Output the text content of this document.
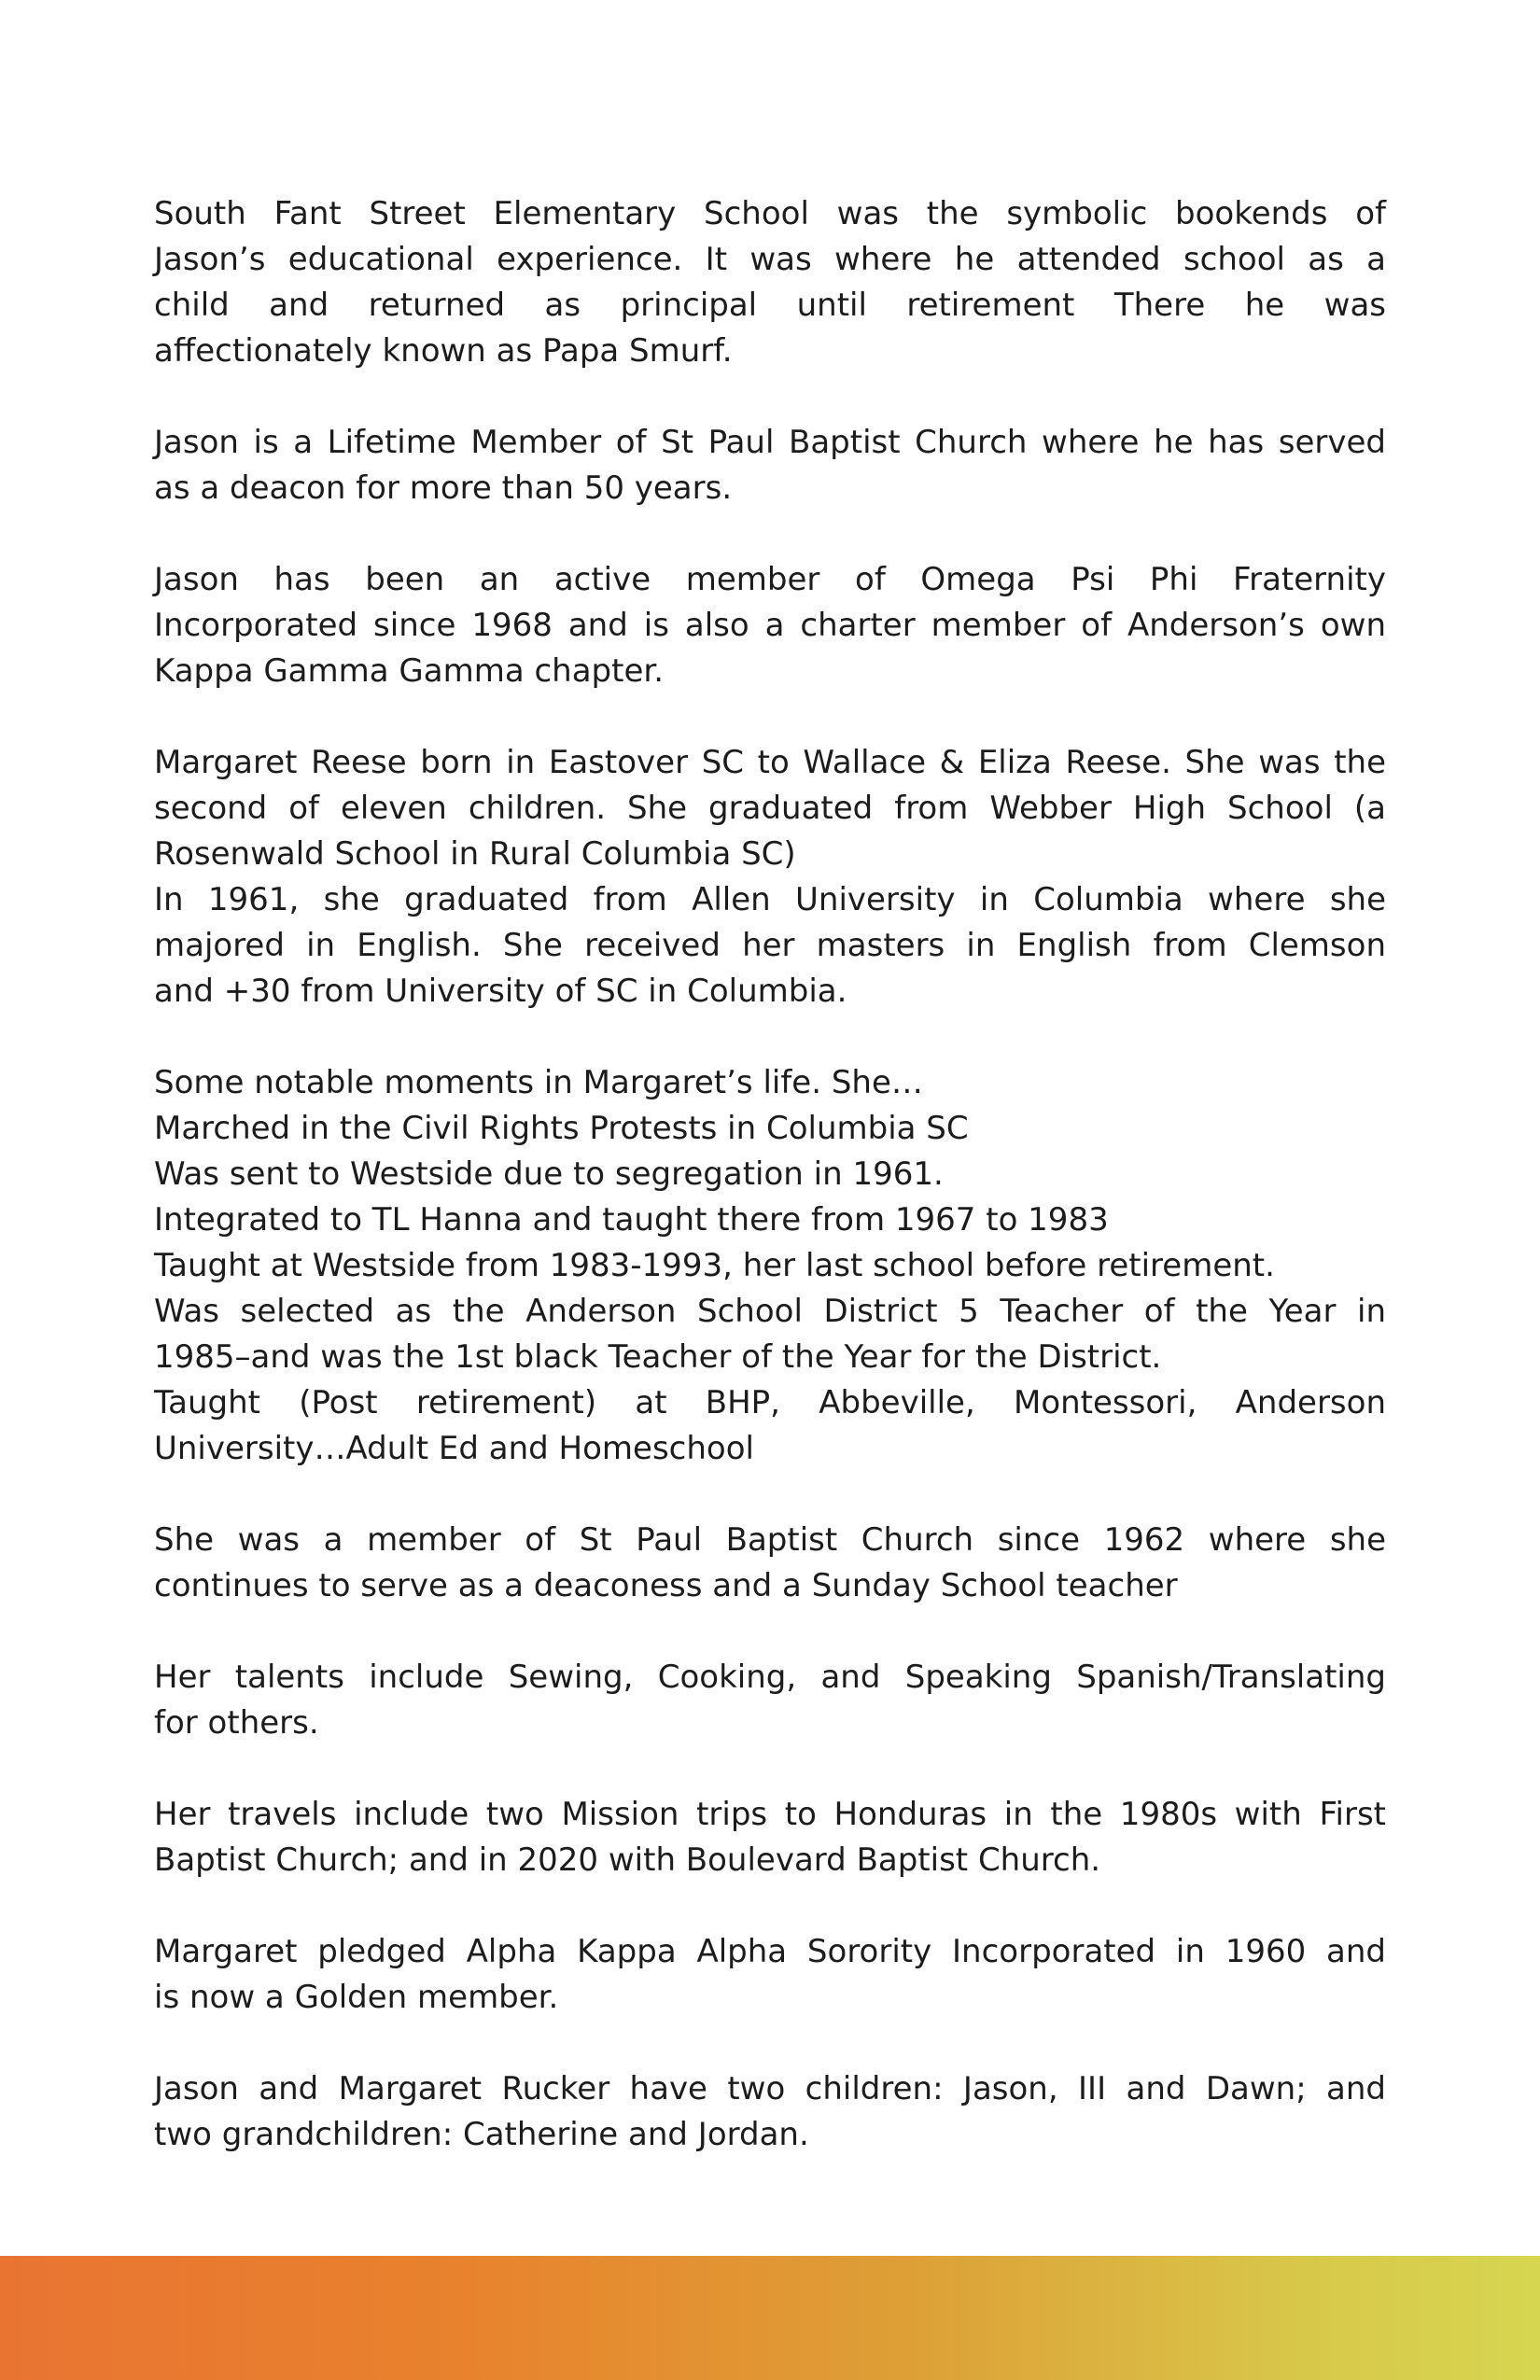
South Fant Street Elementary School was the symbolic bookends of
Jason’s educational experience. It was where he attended school as a
child and returned as principal until retirement There he was
affectionately known as Papa Smurf.
Jason is a Lifetime Member of St Paul Baptist Church where he has served
as a deacon for more than 50 years.
Jason has been an active member of Omega Psi Phi Fraternity
Incorporated since 1968 and is also a charter member of Anderson’s own
Kappa Gamma Gamma chapter.
Margaret Reese born in Eastover SC to Wallace & Eliza Reese. She was the
second of eleven children. She graduated from Webber High School (a
Rosenwald School in Rural Columbia SC)
In 1961, she graduated from Allen University in Columbia where she
majored in English. She received her masters in English from Clemson
and +30 from University of SC in Columbia.
Some notable moments in Margaret’s life. She…
Marched in the Civil Rights Protests in Columbia SC
Was sent to Westside due to segregation in 1961.
Integrated to TL Hanna and taught there from 1967 to 1983
Taught at Westside from 1983-1993, her last school before retirement.
Was selected as the Anderson School District 5 Teacher of the Year in
1985–and was the 1st black Teacher of the Year for the District.
Taught (Post retirement) at BHP, Abbeville, Montessori, Anderson
University…Adult Ed and Homeschool
She was a member of St Paul Baptist Church since 1962 where she
continues to serve as a deaconess and a Sunday School teacher
Her talents include Sewing, Cooking, and Speaking Spanish/Translating
for others.
Her travels include two Mission trips to Honduras in the 1980s with First
Baptist Church; and in 2020 with Boulevard Baptist Church.
Margaret pledged Alpha Kappa Alpha Sorority Incorporated in 1960 and
is now a Golden member.
Jason and Margaret Rucker have two children: Jason, III and Dawn; and
two grandchildren: Catherine and Jordan.
